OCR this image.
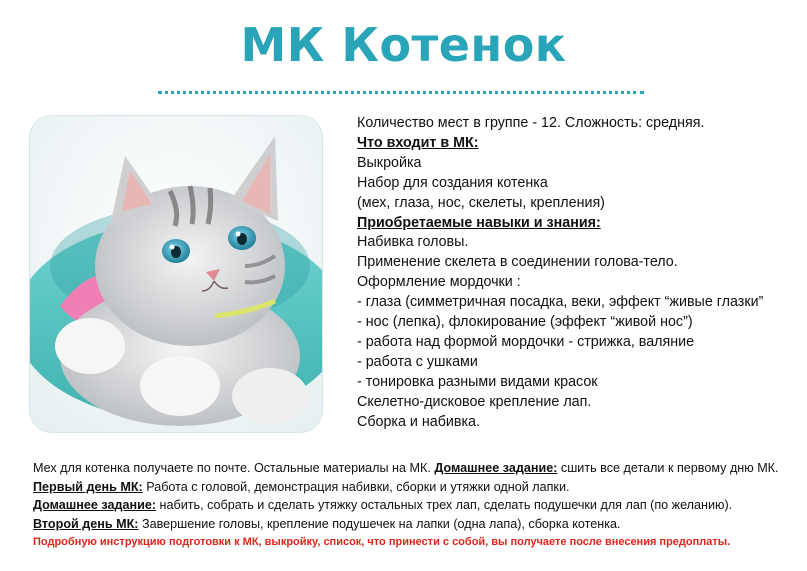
МК Котенок
Количество мест в группе - 12. Сложность: средняя.
Что входит в МК:
Выкройка
Набор для создания котенка
(мех, глаза, нос, скелеты, крепления)
Приобретаемые навыки и знания:
Набивка головы.
Применение скелета в соединении голова-тело.
Оформление мордочки :
- глаза (симметричная посадка, веки, эффект “живые глазки”
- нос (лепка), флокирование (эффект “живой нос”)
- работа над формой мордочки - стрижка, валяние
- работа с ушками
- тонировка разными видами красок
Скелетно-дисковое крепление лап.
Сборка и набивка.
Мех для котенка получаете по почте. Остальные материалы на МК. Домашнее задание: сшить все детали к первому дню МК.
Первый день МК: Работа с головой, демонстрация набивки, сборки и утяжки одной лапки.
Домашнее задание: набить, собрать и сделать утяжку остальных трех лап, сделать подушечки для лап (по желанию).
Второй день МК: Завершение головы, крепление подушечек на лапки (одна лапа), сборка котенка.
Подробную инструкцию подготовки к МК, выкройку, список, что принести с собой, вы получаете после внесения предоплаты.
